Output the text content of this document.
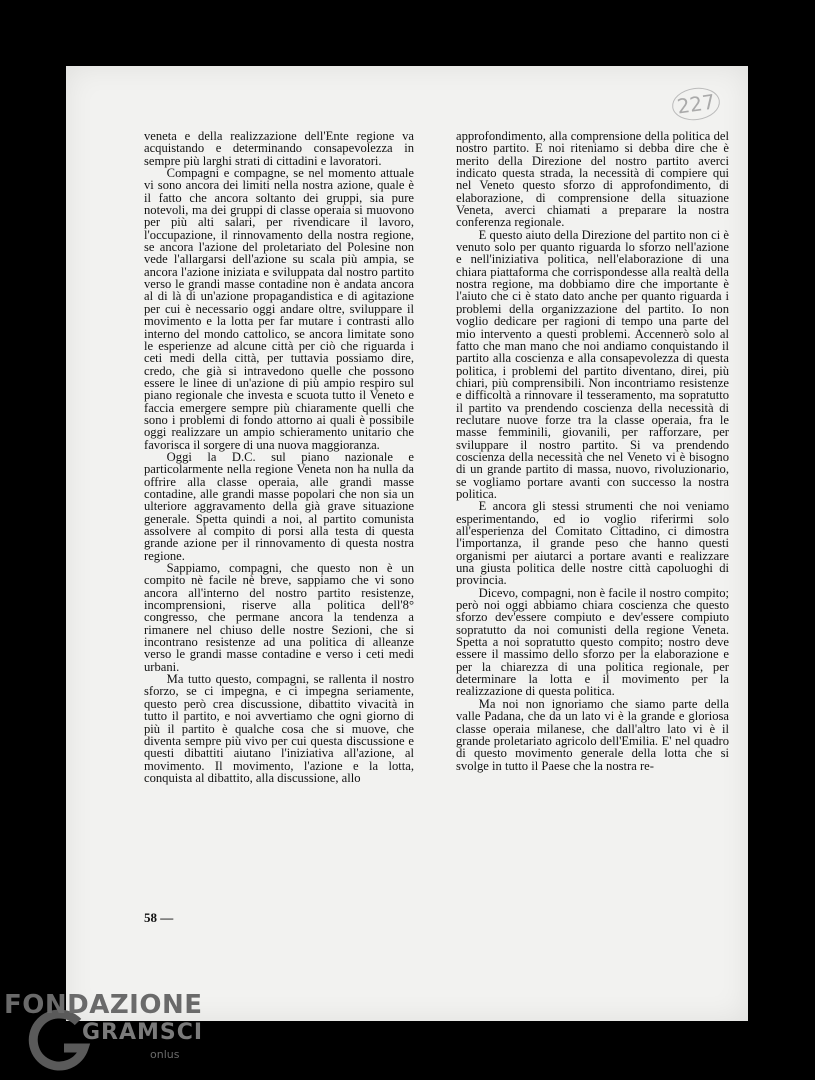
227

veneta e della realizzazione dell'Ente regione va acquistando e determinando consapevolezza in sempre più larghi strati di cittadini e lavoratori.

Compagni e compagne, se nel momento attuale vi sono ancora dei limiti nella nostra azione, quale è il fatto che ancora soltanto dei gruppi, sia pure notevoli, ma dei gruppi di classe operaia si muovono per più alti salari, per rivendicare il lavoro, l'occupazione, il rinnovamento della nostra regione, se ancora l'azione del proletariato del Polesine non vede l'allargarsi dell'azione su scala più ampia, se ancora l'azione iniziata e sviluppata dal nostro partito verso le grandi masse contadine non è andata ancora al di là di un'azione propagandistica e di agitazione per cui è necessario oggi andare oltre, sviluppare il movimento e la lotta per far mutare i contrasti allo interno del mondo cattolico, se ancora limitate sono le esperienze ad alcune città per ciò che riguarda i ceti medi della città, per tuttavia possiamo dire, credo, che già si intravedono quelle che possono essere le linee di un'azione di più ampio respiro sul piano regionale che investa e scuota tutto il Veneto e faccia emergere sempre più chiaramente quelli che sono i problemi di fondo attorno ai quali è possibile oggi realizzare un ampio schieramento unitario che favorisca il sorgere di una nuova maggioranza.

Oggi la D.C. sul piano nazionale e particolarmente nella regione Veneta non ha nulla da offrire alla classe operaia, alle grandi masse contadine, alle grandi masse popolari che non sia un ulteriore aggravamento della già grave situazione generale. Spetta quindi a noi, al partito comunista assolvere al compito di porsi alla testa di questa grande azione per il rinnovamento di questa nostra regione.

Sappiamo, compagni, che questo non è un compito nè facile nè breve, sappiamo che vi sono ancora all'interno del nostro partito resistenze, incomprensioni, riserve alla politica dell'8° congresso, che permane ancora la tendenza a rimanere nel chiuso delle nostre Sezioni, che si incontrano resistenze ad una politica di alleanze verso le grandi masse contadine e verso i ceti medi urbani.

Ma tutto questo, compagni, se rallenta il nostro sforzo, se ci impegna, e ci impegna seriamente, questo però crea discussione, dibattito vivacità in tutto il partito, e noi avvertiamo che ogni giorno di più il partito è qualche cosa che si muove, che diventa sempre più vivo per cui questa discussione e questi dibattiti aiutano l'iniziativa all'azione, al movimento. Il movimento, l'azione e la lotta, conquista al dibattito, alla discussione, allo

approfondimento, alla comprensione della politica del nostro partito. E noi riteniamo si debba dire che è merito della Direzione del nostro partito averci indicato questa strada, la necessità di compiere qui nel Veneto questo sforzo di approfondimento, di elaborazione, di comprensione della situazione Veneta, averci chiamati a preparare la nostra conferenza regionale.

E questo aiuto della Direzione del partito non ci è venuto solo per quanto riguarda lo sforzo nell'azione e nell'iniziativa politica, nell'elaborazione di una chiara piattaforma che corrispondesse alla realtà della nostra regione, ma dobbiamo dire che importante è l'aiuto che ci è stato dato anche per quanto riguarda i problemi della organizzazione del partito. Io non voglio dedicare per ragioni di tempo una parte del mio intervento a questi problemi. Accennerò solo al fatto che man mano che noi andiamo conquistando il partito alla coscienza e alla consapevolezza di questa politica, i problemi del partito diventano, direi, più chiari, più comprensibili. Non incontriamo resistenze e difficoltà a rinnovare il tesseramento, ma sopratutto il partito va prendendo coscienza della necessità di reclutare nuove forze tra la classe operaia, fra le masse femminili, giovanili, per rafforzare, per sviluppare il nostro partito. Si va prendendo coscienza della necessità che nel Veneto vi è bisogno di un grande partito di massa, nuovo, rivoluzionario, se vogliamo portare avanti con successo la nostra politica.

E ancora gli stessi strumenti che noi veniamo esperimentando, ed io voglio riferirmi solo all'esperienza del Comitato Cittadino, ci dimostra l'importanza, il grande peso che hanno questi organismi per aiutarci a portare avanti e realizzare una giusta politica delle nostre città capoluoghi di provincia.

Dicevo, compagni, non è facile il nostro compito; però noi oggi abbiamo chiara coscienza che questo sforzo dev'essere compiuto e dev'essere compiuto sopratutto da noi comunisti della regione Veneta. Spetta a noi sopratutto questo compito; nostro deve essere il massimo dello sforzo per la elaborazione e per la chiarezza di una politica regionale, per determinare la lotta e il movimento per la realizzazione di questa politica.

Ma noi non ignoriamo che siamo parte della valle Padana, che da un lato vi è la grande e gloriosa classe operaia milanese, che dall'altro lato vi è il grande proletariato agricolo dell'Emilia. E' nel quadro di questo movimento generale della lotta che si svolge in tutto il Paese che la nostra re-

58 —
FONDAZIONE
GRAMSCI
onlus
